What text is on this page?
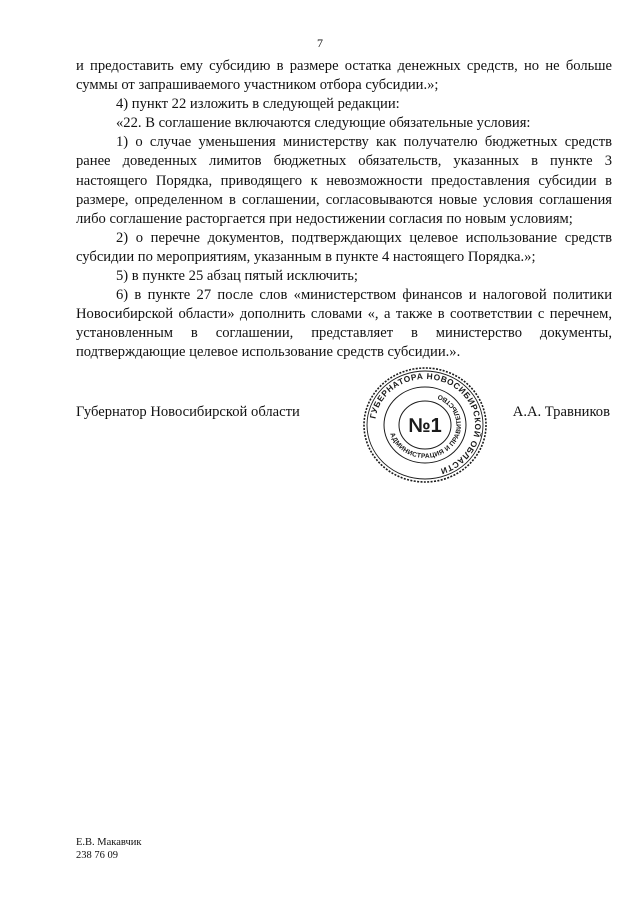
7

и предоставить ему субсидию в размере остатка денежных средств, но не больше суммы от запрашиваемого участником отбора субсидии.»;

4) пункт 22 изложить в следующей редакции:

«22. В соглашение включаются следующие обязательные условия:

1) о случае уменьшения министерству как получателю бюджетных средств ранее доведенных лимитов бюджетных обязательств, указанных в пункте 3 настоящего Порядка, приводящего к невозможности предоставления субсидии в размере, определенном в соглашении, согласовываются новые условия соглашения либо соглашение расторгается при недостижении согласия по новым условиям;

2) о перечне документов, подтверждающих целевое использование средств субсидии по мероприятиям, указанным в пункте 4 настоящего Порядка.»;

5) в пункте 25 абзац пятый исключить;

6) в пункте 27 после слов «министерством финансов и налоговой политики Новосибирской области» дополнить словами «, а также в соответствии с перечнем, установленным в соглашении, представляет в министерство документы, подтверждающие целевое использование средств субсидии.».

ГУБЕРНАТОРА НОВОСИБИРСКОЙ ОБЛАСТИ
АДМИНИСТРАЦИЯ И ПРАВИТЕЛЬСТВО
№1
Губернатор Новосибирской области	А.А. Травников
Е.В. Макавчик
238 76 09
